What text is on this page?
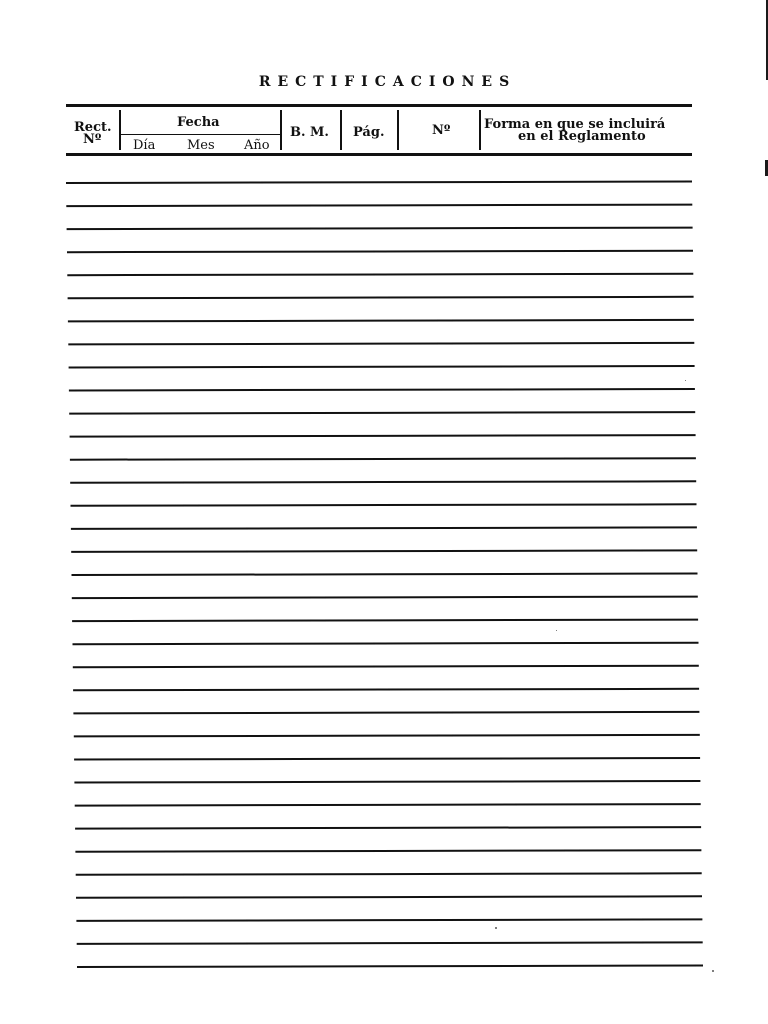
RECTIFICACIONES
Rect.
Nº
Fecha
Día Mes Año
B. M. Pág.	Nº	Forma en que se incluirá
en el Reglamento
